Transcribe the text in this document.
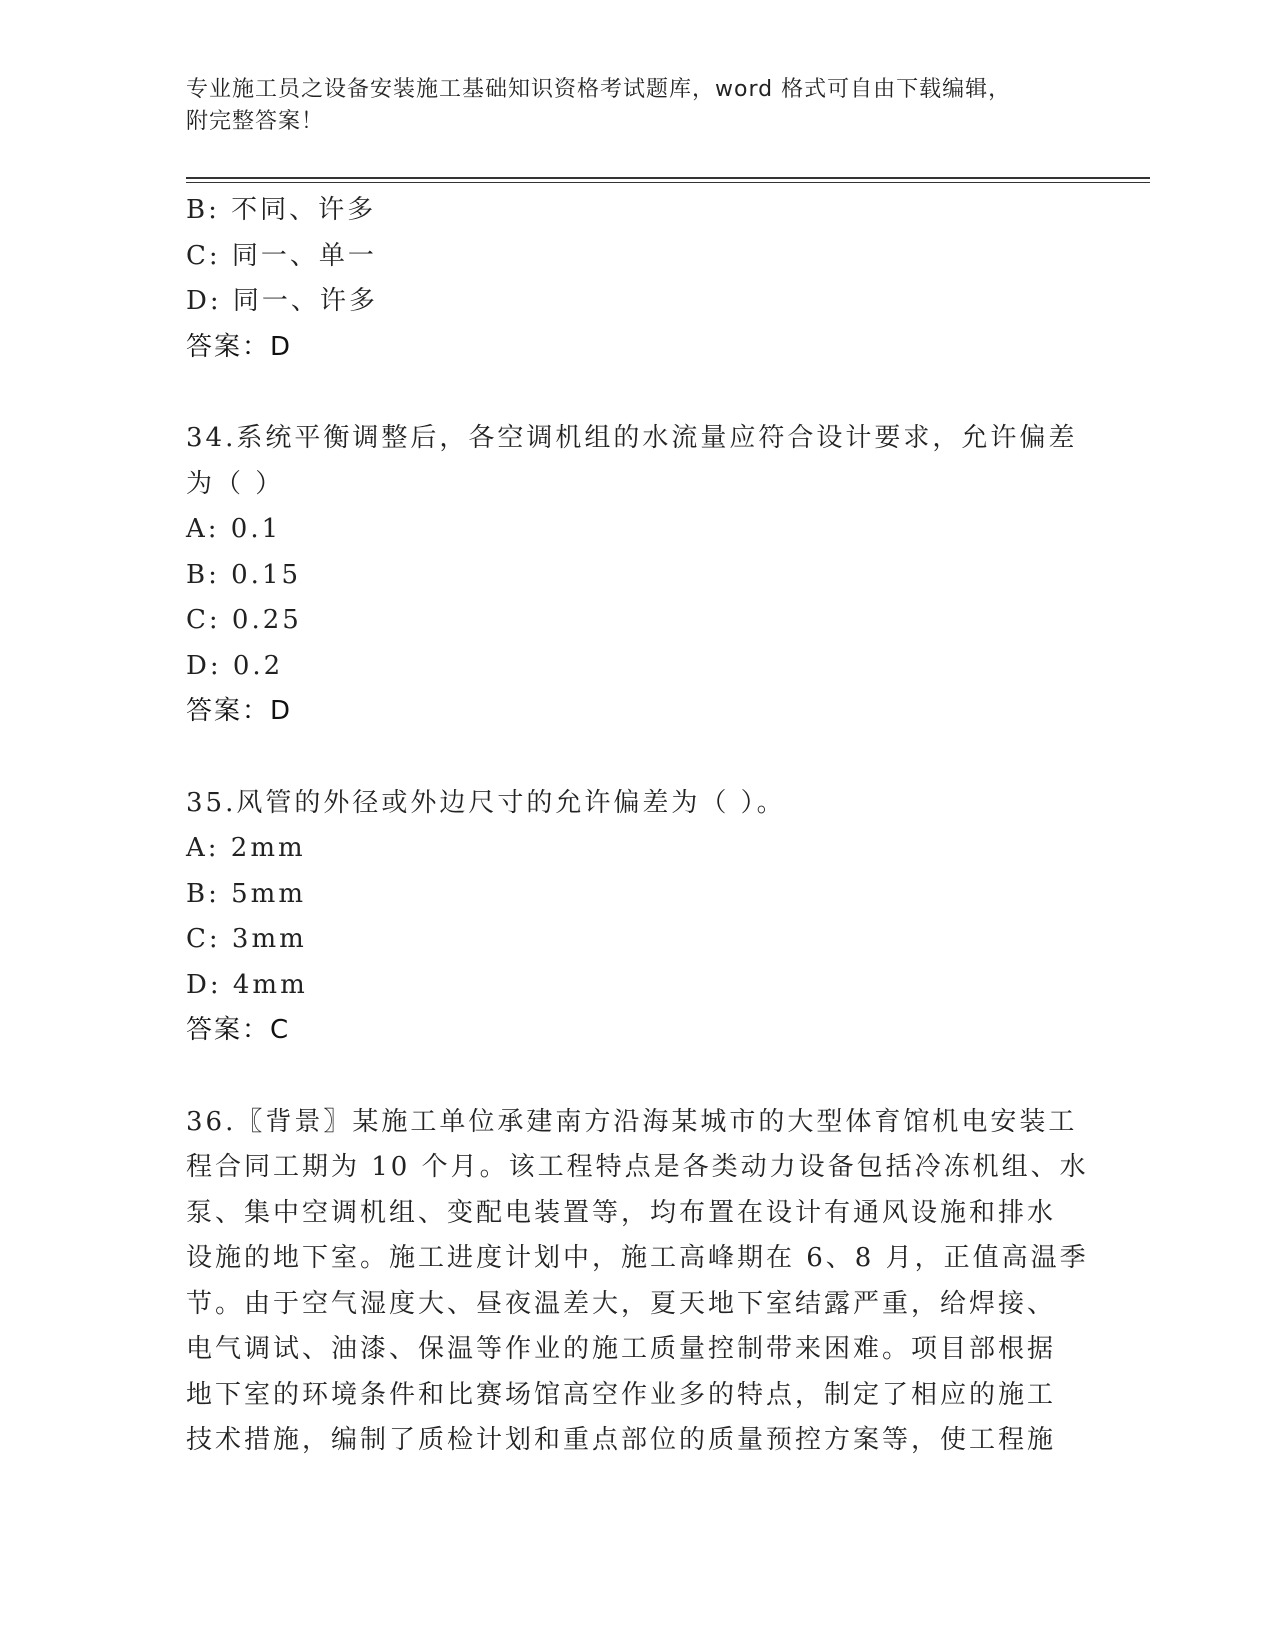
专业施工员之设备安装施工基础知识资格考试题库，word 格式可自由下载编辑，
附完整答案！
B: 不同、许多
C: 同一、单一
D: 同一、许多
答案：D
34.系统平衡调整后，各空调机组的水流量应符合设计要求，允许偏差
为（ ）
A: 0.1
B: 0.15
C: 0.25
D: 0.2
答案：D
35.风管的外径或外边尺寸的允许偏差为（ ）。
A: 2mm
B: 5mm
C: 3mm
D: 4mm
答案：C
36.〖背景〗某施工单位承建南方沿海某城市的大型体育馆机电安装工
程合同工期为 10 个月。该工程特点是各类动力设备包括冷冻机组、水
泵、集中空调机组、变配电装置等，均布置在设计有通风设施和排水
设施的地下室。施工进度计划中，施工高峰期在 6、8 月，正值高温季
节。由于空气湿度大、昼夜温差大，夏天地下室结露严重，给焊接、
电气调试、油漆、保温等作业的施工质量控制带来困难。项目部根据
地下室的环境条件和比赛场馆高空作业多的特点，制定了相应的施工
技术措施，编制了质检计划和重点部位的质量预控方案等，使工程施
